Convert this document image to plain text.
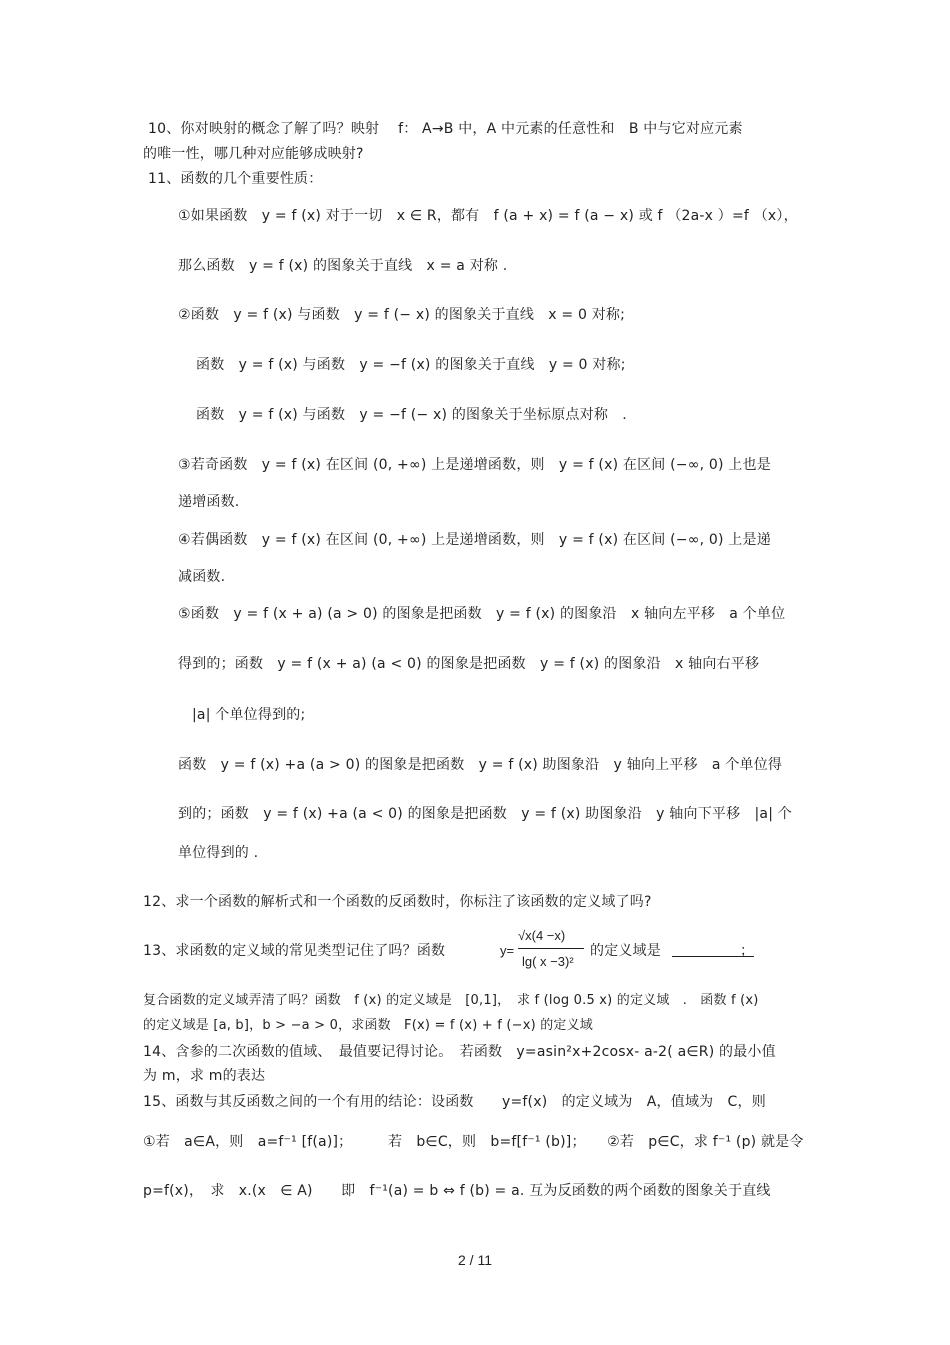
10、你对映射的概念了解了吗？映射　 f： A→B 中，A 中元素的任意性和　B 中与它对应元素
的唯一性，哪几种对应能够成映射?
11、函数的几个重要性质：
①如果函数　y = f (x) 对于一切　x ∈ R，都有　f (a + x) = f (a − x) 或 f （2a-x ）=f （x），
那么函数　y = f (x) 的图象关于直线　x = a 对称 .
②函数　y = f (x) 与函数　y = f (− x) 的图象关于直线　x = 0 对称;
函数　y = f (x) 与函数　y = −f (x) 的图象关于直线　y = 0 对称;
函数　y = f (x) 与函数　y = −f (− x) 的图象关于坐标原点对称　.
③若奇函数　y = f (x) 在区间 (0, +∞) 上是递增函数，则　y = f (x) 在区间 (−∞, 0) 上也是
递增函数.
④若偶函数　y = f (x) 在区间 (0, +∞) 上是递增函数，则　y = f (x) 在区间 (−∞, 0) 上是递
减函数.
⑤函数　y = f (x + a) (a > 0) 的图象是把函数　y = f (x) 的图象沿　x 轴向左平移　a 个单位
得到的；函数　y = f (x + a) (a < 0) 的图象是把函数　y = f (x) 的图象沿　x 轴向右平移
|a| 个单位得到的;
函数　y = f (x) +a (a > 0) 的图象是把函数　y = f (x) 助图象沿　y 轴向上平移　a 个单位得
到的；函数　y = f (x) +a (a < 0) 的图象是把函数　y = f (x) 助图象沿　y 轴向下平移　|a| 个
单位得到的 .
12、求一个函数的解析式和一个函数的反函数时，你标注了该函数的定义域了吗?
13、求函数的定义域的常见类型记住了吗？函数	y=
√x(4 −x)
lg( x −3)²
的定义域是	；
复合函数的定义域弄清了吗？函数　f (x) 的定义域是　[0,1]，　求 f (log 0.5 x) 的定义域　.　函数 f (x)
的定义域是 [a, b]，b > −a > 0，求函数　F(x) = f (x) + f (−x) 的定义域
14、含参的二次函数的值域、　最值要记得讨论。　若函数　y=asin²x+2cosx- a-2( a∈R) 的最小值
为 m，求 m的表达
15、函数与其反函数之间的一个有用的结论：设函数　　y=f(x)　的定义域为　A，值域为　C，则
①若　a∈A，则　a=f⁻¹ [f(a)]；　　　若　b∈C，则　b=f[f⁻¹ (b)]；　　②若　p∈C，求 f⁻¹ (p) 就是令
p=f(x)，　求　x.(x　∈ A)　　即　f⁻¹(a) = b ⇔ f (b) = a. 互为反函数的两个函数的图象关于直线
2 / 11
